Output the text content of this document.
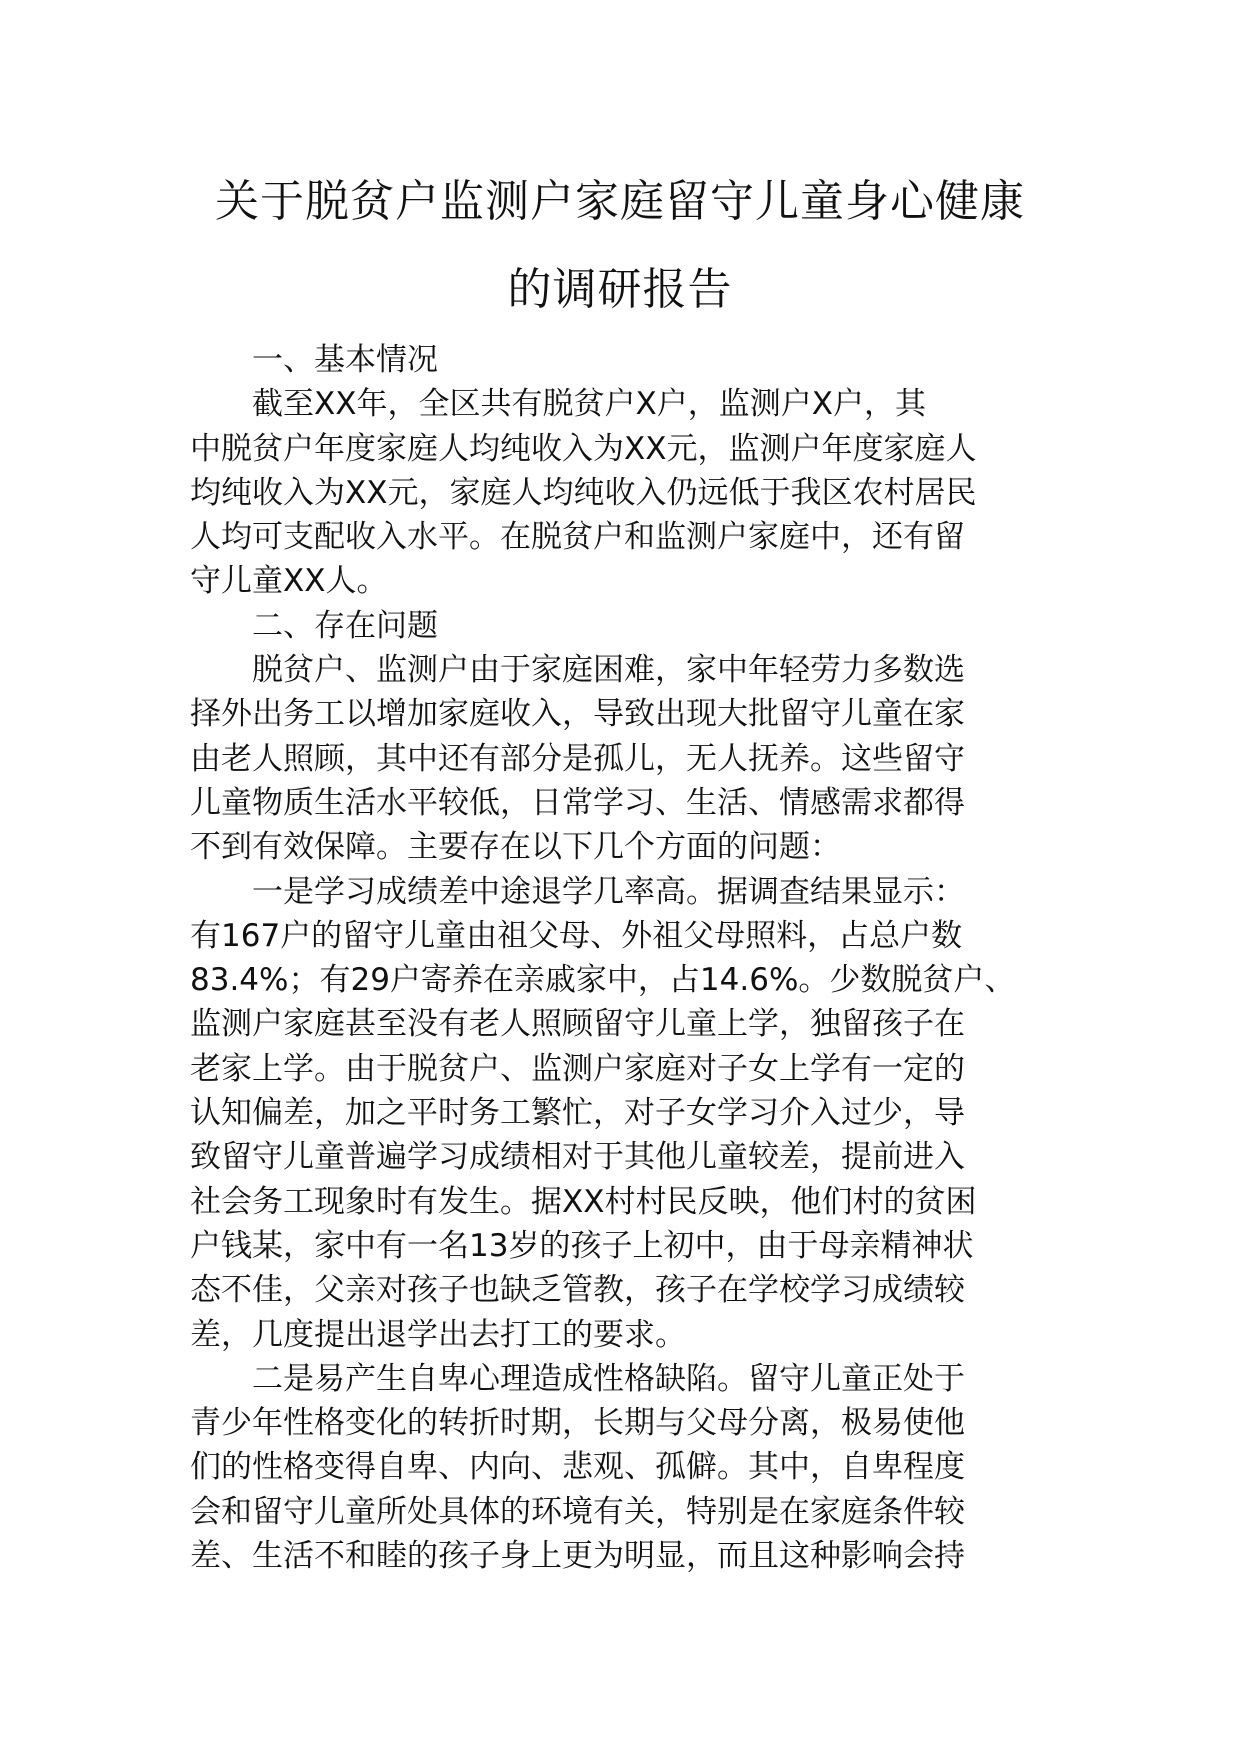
关于脱贫户监测户家庭留守儿童身心健康
的调研报告
一、基本情况
截至XX年，全区共有脱贫户X户，监测户X户，其
中脱贫户年度家庭人均纯收入为XX元，监测户年度家庭人
均纯收入为XX元，家庭人均纯收入仍远低于我区农村居民
人均可支配收入水平。在脱贫户和监测户家庭中，还有留
守儿童XX人。
二、存在问题
脱贫户、监测户由于家庭困难，家中年轻劳力多数选
择外出务工以增加家庭收入，导致出现大批留守儿童在家
由老人照顾，其中还有部分是孤儿，无人抚养。这些留守
儿童物质生活水平较低，日常学习、生活、情感需求都得
不到有效保障。主要存在以下几个方面的问题：
一是学习成绩差中途退学几率高。据调查结果显示：
有167户的留守儿童由祖父母、外祖父母照料，占总户数
83.4%；有29户寄养在亲戚家中，占14.6%。少数脱贫户、
监测户家庭甚至没有老人照顾留守儿童上学，独留孩子在
老家上学。由于脱贫户、监测户家庭对子女上学有一定的
认知偏差，加之平时务工繁忙，对子女学习介入过少，导
致留守儿童普遍学习成绩相对于其他儿童较差，提前进入
社会务工现象时有发生。据XX村村民反映，他们村的贫困
户钱某，家中有一名13岁的孩子上初中，由于母亲精神状
态不佳，父亲对孩子也缺乏管教，孩子在学校学习成绩较
差，几度提出退学出去打工的要求。
二是易产生自卑心理造成性格缺陷。留守儿童正处于
青少年性格变化的转折时期，长期与父母分离，极易使他
们的性格变得自卑、内向、悲观、孤僻。其中，自卑程度
会和留守儿童所处具体的环境有关，特别是在家庭条件较
差、生活不和睦的孩子身上更为明显，而且这种影响会持
